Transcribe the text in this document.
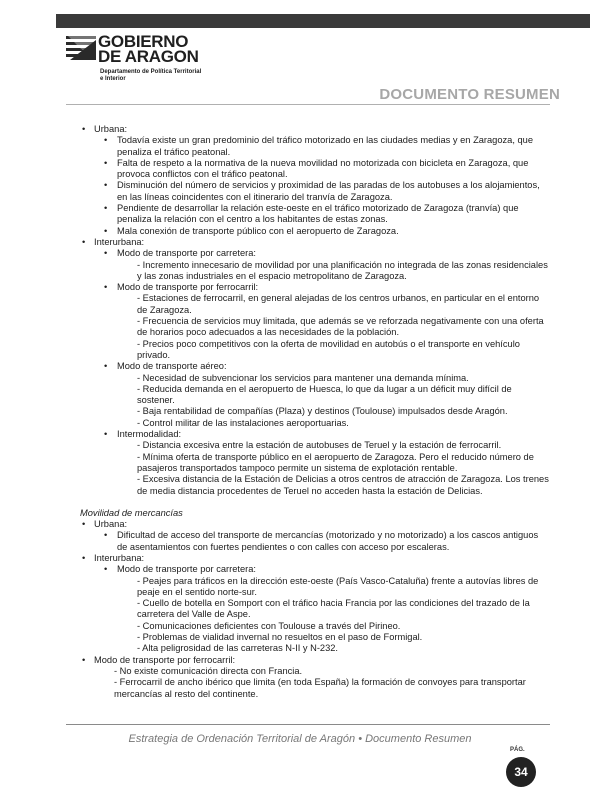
GOBIERNO
DE ARAGON
Departamento de Política Territorial
e Interior
DOCUMENTO RESUMEN
• Urbana:
• Todavía existe un gran predominio del tráfico motorizado en las ciudades medias y en Zaragoza, que penaliza el tráfico peatonal.
• Falta de respeto a la normativa de la nueva movilidad no motorizada con bicicleta en Zaragoza, que provoca conflictos con el tráfico peatonal.
• Disminución del número de servicios y proximidad de las paradas de los autobuses a los alojamientos, en las líneas coincidentes con el itinerario del tranvía de Zaragoza.
• Pendiente de desarrollar la relación este-oeste en el tráfico motorizado de Zaragoza (tranvía) que penaliza la relación con el centro a los habitantes de estas zonas.
• Mala conexión de transporte público con el aeropuerto de Zaragoza.
• Interurbana:
• Modo de transporte por carretera:
- Incremento innecesario de movilidad por una planificación no integrada de las zonas residenciales y las zonas industriales en el espacio metropolitano de Zaragoza.
• Modo de transporte por ferrocarril:
- Estaciones de ferrocarril, en general alejadas de los centros urbanos, en particular en el entorno de Zaragoza.
- Frecuencia de servicios muy limitada, que además se ve reforzada negativamente con una oferta de horarios poco adecuados a las necesidades de la población.
- Precios poco competitivos con la oferta de movilidad en autobús o el transporte en vehículo privado.
• Modo de transporte aéreo:
- Necesidad de subvencionar los servicios para mantener una demanda mínima.
- Reducida demanda en el aeropuerto de Huesca, lo que da lugar a un déficit muy difícil de sostener.
- Baja rentabilidad de compañías (Plaza) y destinos (Toulouse) impulsados desde Aragón.
- Control militar de las instalaciones aeroportuarias.
• Intermodalidad:
- Distancia excesiva entre la estación de autobuses de Teruel y la estación de ferrocarril.
- Mínima oferta de transporte público en el aeropuerto de Zaragoza. Pero el reducido número de pasajeros transportados tampoco permite un sistema de explotación rentable.
- Excesiva distancia de la Estación de Delicias a otros centros de atracción de Zaragoza. Los trenes de media distancia procedentes de Teruel no acceden hasta la estación de Delicias.
Movilidad de mercancías
• Urbana:
• Dificultad de acceso del transporte de mercancías (motorizado y no motorizado) a los cascos antiguos de asentamientos con fuertes pendientes o con calles con acceso por escaleras.
• Interurbana:
• Modo de transporte por carretera:
- Peajes para tráficos en la dirección este-oeste (País Vasco-Cataluña) frente a autovías libres de peaje en el sentido norte-sur.
- Cuello de botella en Somport con el tráfico hacia Francia por las condiciones del trazado de la carretera del Valle de Aspe.
- Comunicaciones deficientes con Toulouse a través del Pirineo.
- Problemas de vialidad invernal no resueltos en el paso de Formigal.
- Alta peligrosidad de las carreteras N-II y N-232.
• Modo de transporte por ferrocarril:
- No existe comunicación directa con Francia.
- Ferrocarril de ancho ibérico que limita (en toda España) la formación de convoyes para transportar mercancías al resto del continente.
Estrategia de Ordenación Territorial de Aragón • Documento Resumen
PÁG.
34
